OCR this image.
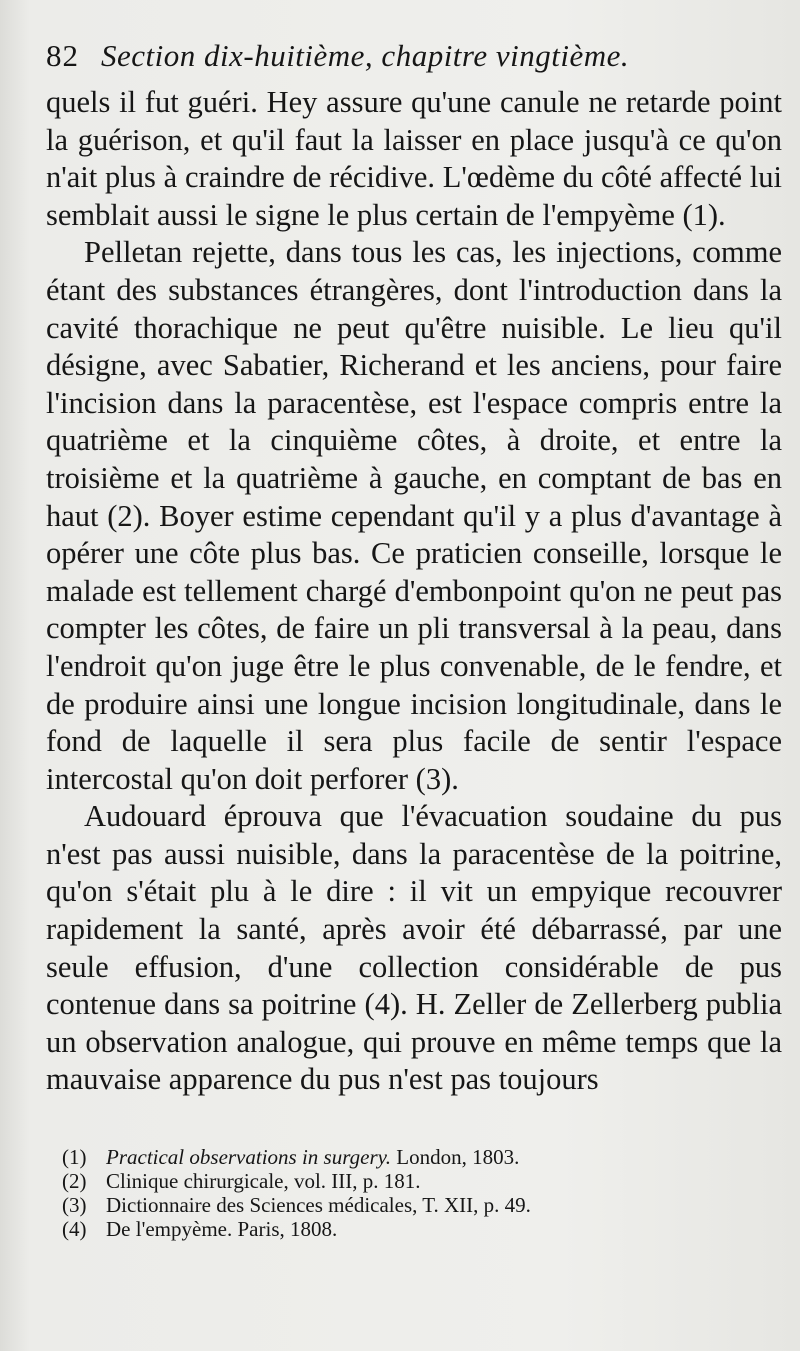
82 Section dix-huitième, chapitre vingtième.

quels il fut guéri. Hey assure qu'une canule ne retarde point la guérison, et qu'il faut la laisser en place jusqu'à ce qu'on n'ait plus à craindre de récidive. L'œdème du côté affecté lui semblait aussi le signe le plus certain de l'empyème (1).

Pelletan rejette, dans tous les cas, les injections, comme étant des substances étrangères, dont l'introduction dans la cavité thorachique ne peut qu'être nuisible. Le lieu qu'il désigne, avec Sabatier, Richerand et les anciens, pour faire l'incision dans la paracentèse, est l'espace compris entre la quatrième et la cinquième côtes, à droite, et entre la troisième et la quatrième à gauche, en comptant de bas en haut (2). Boyer estime cependant qu'il y a plus d'avantage à opérer une côte plus bas. Ce praticien conseille, lorsque le malade est tellement chargé d'embonpoint qu'on ne peut pas compter les côtes, de faire un pli transversal à la peau, dans l'endroit qu'on juge être le plus convenable, de le fendre, et de produire ainsi une longue incision longitudinale, dans le fond de laquelle il sera plus facile de sentir l'espace intercostal qu'on doit perforer (3).

Audouard éprouva que l'évacuation soudaine du pus n'est pas aussi nuisible, dans la paracentèse de la poitrine, qu'on s'était plu à le dire : il vit un empyique recouvrer rapidement la santé, après avoir été débarrassé, par une seule effusion, d'une collection considérable de pus contenue dans sa poitrine (4). H. Zeller de Zellerberg publia un observation analogue, qui prouve en même temps que la mauvaise apparence du pus n'est pas toujours

(1) Practical observations in surgery. London, 1803.
(2) Clinique chirurgicale, vol. III, p. 181.
(3) Dictionnaire des Sciences médicales, T. XII, p. 49.
(4) De l'empyème. Paris, 1808.
